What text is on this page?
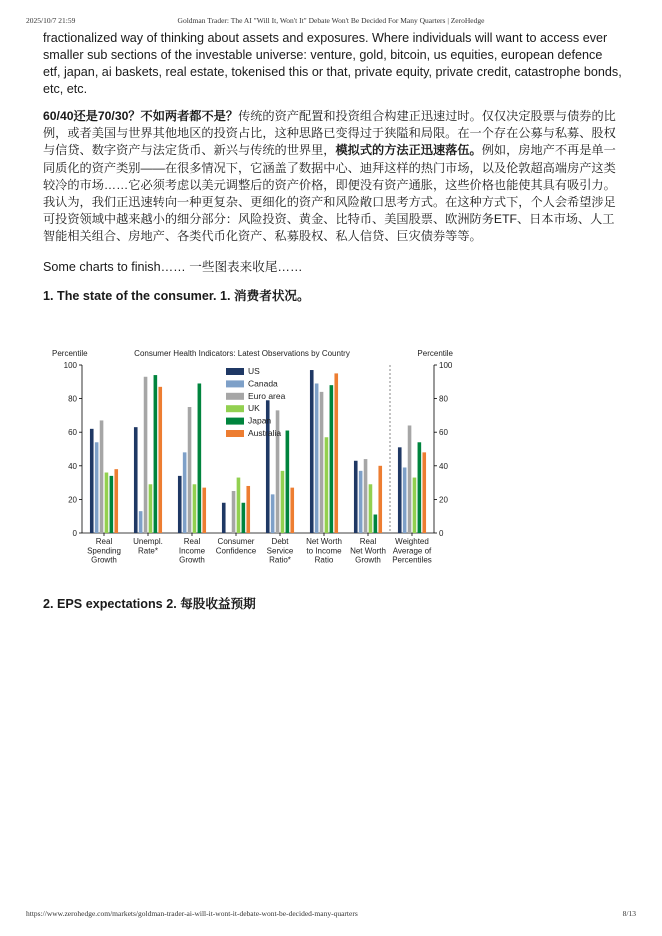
2025/10/7 21:59	Goldman Trader: The AI "Will It, Won't It" Debate Won't Be Decided For Many Quarters | ZeroHedge

fractionalized way of thinking about assets and exposures. Where individuals will want to access ever smaller sub sections of the investable universe: venture, gold, bitcoin, us equities, european defence etf, japan, ai baskets, real estate, tokenised this or that, private equity, private credit, catastrophe bonds, etc, etc.

60/40还是70/30？不如两者都不是？传统的资产配置和投资组合构建正迅速过时。仅仅决定股票与债券的比例，或者美国与世界其他地区的投资占比，这种思路已变得过于狭隘和局限。在一个存在公募与私募、股权与信贷、数字资产与法定货币、新兴与传统的世界里，模拟式的方法正迅速落伍。例如，房地产不再是单一同质化的资产类别——在很多情况下，它涵盖了数据中心、迪拜这样的热门市场，以及伦敦超高端房产这类较冷的市场……它必须考虑以美元调整后的资产价格，即便没有资产通胀，这些价格也能使其具有吸引力。我认为，我们正迅速转向一种更复杂、更细化的资产和风险敞口思考方式。在这种方式下，个人会希望涉足可投资领域中越来越小的细分部分：风险投资、黄金、比特币、美国股票、欧洲防务ETF、日本市场、人工智能相关组合、房地产、各类代币化资产、私募股权、私人信贷、巨灾债券等等。

Some charts to finish…… 一些图表来收尾……

1. The state of the consumer. 1. 消费者状况。

Consumer Health Indicators: Latest Observations by Country
Percentile	Percentile
0	0
20	20
40	40
60	60
80	80
100	100
Real
Spending
Growth
Unempl.
Rate*
Real
Income
Growth
Consumer
Confidence
Debt
Service
Ratio*
Net Worth
to Income
Ratio
Real
Net Worth
Growth
Weighted
Average of
Percentiles
US
Canada
Euro area
UK
Japan
Australia

2. EPS expectations 2. 每股收益预期

https://www.zerohedge.com/markets/goldman-trader-ai-will-it-wont-it-debate-wont-be-decided-many-quarters	8/13
